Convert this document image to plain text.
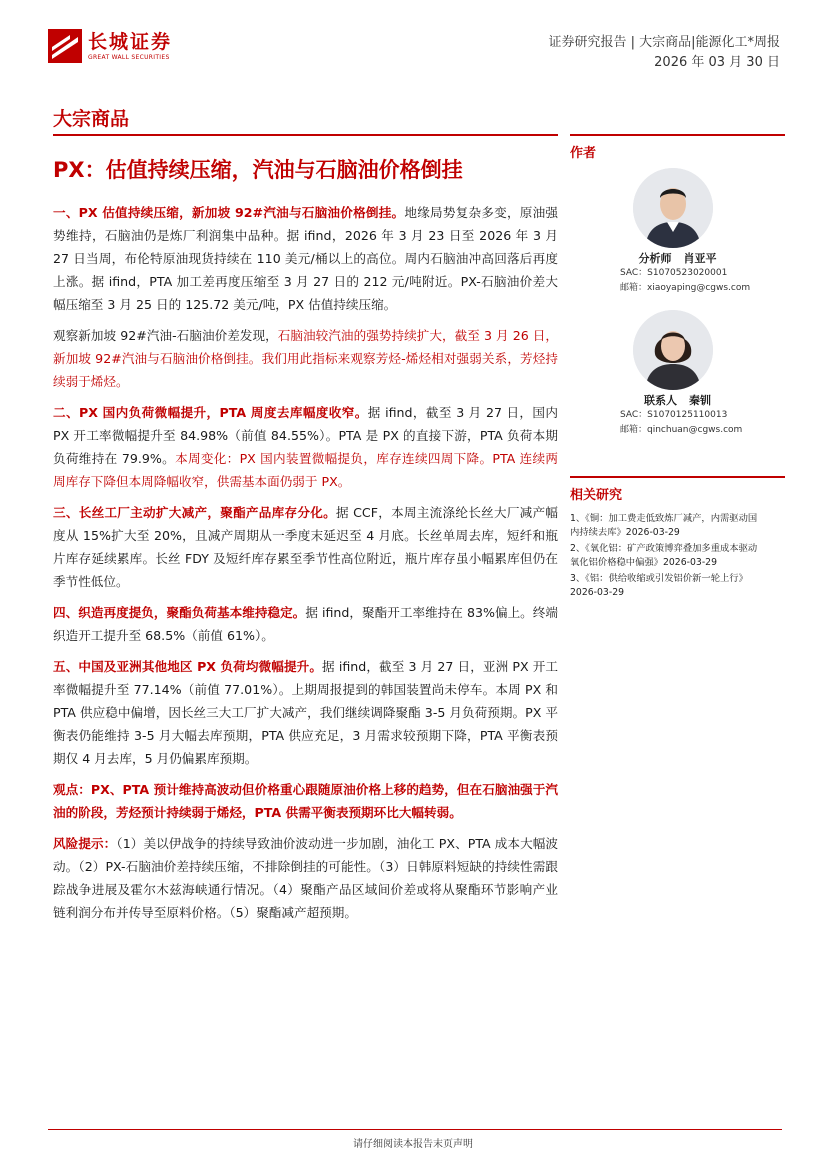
长城证券
GREAT WALL SECURITIES
证券研究报告 | 大宗商品|能源化工*周报
2026 年 03 月 30 日
大宗商品
PX：估值持续压缩，汽油与石脑油价格倒挂

一、PX 估值持续压缩，新加坡 92#汽油与石脑油价格倒挂。地缘局势复杂多变，原油强势维持，石脑油仍是炼厂利润集中品种。据 ifind，2026 年 3 月 23 日至 2026 年 3 月 27 日当周，布伦特原油现货持续在 110 美元/桶以上的高位。周内石脑油冲高回落后再度上涨。据 ifind，PTA 加工差再度压缩至 3 月 27 日的 212 元/吨附近。PX-石脑油价差大幅压缩至 3 月 25 日的 125.72 美元/吨，PX 估值持续压缩。

观察新加坡 92#汽油-石脑油价差发现，石脑油较汽油的强势持续扩大，截至 3 月 26 日，新加坡 92#汽油与石脑油价格倒挂。我们用此指标来观察芳烃-烯烃相对强弱关系，芳烃持续弱于烯烃。

二、PX 国内负荷微幅提升，PTA 周度去库幅度收窄。据 ifind，截至 3 月 27 日，国内 PX 开工率微幅提升至 84.98%（前值 84.55%）。PTA 是 PX 的直接下游，PTA 负荷本期负荷维持在 79.9%。本周变化：PX 国内装置微幅提负，库存连续四周下降。PTA 连续两周库存下降但本周降幅收窄，供需基本面仍弱于 PX。

三、长丝工厂主动扩大减产，聚酯产品库存分化。据 CCF，本周主流涤纶长丝大厂减产幅度从 15%扩大至 20%，且减产周期从一季度末延迟至 4 月底。长丝单周去库，短纤和瓶片库存延续累库。长丝 FDY 及短纤库存累至季节性高位附近，瓶片库存虽小幅累库但仍在季节性低位。

四、织造再度提负，聚酯负荷基本维持稳定。据 ifind，聚酯开工率维持在 83%偏上。终端织造开工提升至 68.5%（前值 61%）。

五、中国及亚洲其他地区 PX 负荷均微幅提升。据 ifind，截至 3 月 27 日，亚洲 PX 开工率微幅提升至 77.14%（前值 77.01%）。上期周报提到的韩国装置尚未停车。本周 PX 和 PTA 供应稳中偏增，因长丝三大工厂扩大减产，我们继续调降聚酯 3-5 月负荷预期。PX 平衡表仍能维持 3-5 月大幅去库预期，PTA 供应充足，3 月需求较预期下降，PTA 平衡表预期仅 4 月去库，5 月仍偏累库预期。

观点：PX、PTA 预计维持高波动但价格重心跟随原油价格上移的趋势，但在石脑油强于汽油的阶段，芳烃预计持续弱于烯烃，PTA 供需平衡表预期环比大幅转弱。

风险提示：（1）美以伊战争的持续导致油价波动进一步加剧，油化工 PX、PTA 成本大幅波动。（2）PX-石脑油价差持续压缩，不排除倒挂的可能性。（3）日韩原料短缺的持续性需跟踪战争进展及霍尔木兹海峡通行情况。（4）聚酯产品区域间价差或将从聚酯环节影响产业链利润分布并传导至原料价格。（5）聚酯减产超预期。

作者
分析师 肖亚平
SAC：S1070523020001
邮箱：xiaoyaping@cgws.com
联系人 秦钏
SAC：S1070125110013
邮箱：qinchuan@cgws.com
相关研究
1、《铜：加工费走低致炼厂减产，内需驱动国
内持续去库》2026-03-29
2、《氧化铝：矿产政策博弈叠加多重成本驱动
氧化铝价格稳中偏强》2026-03-29
3、《铝：供给收缩或引发铝价新一轮上行》
2026-03-29
请仔细阅读本报告末页声明
